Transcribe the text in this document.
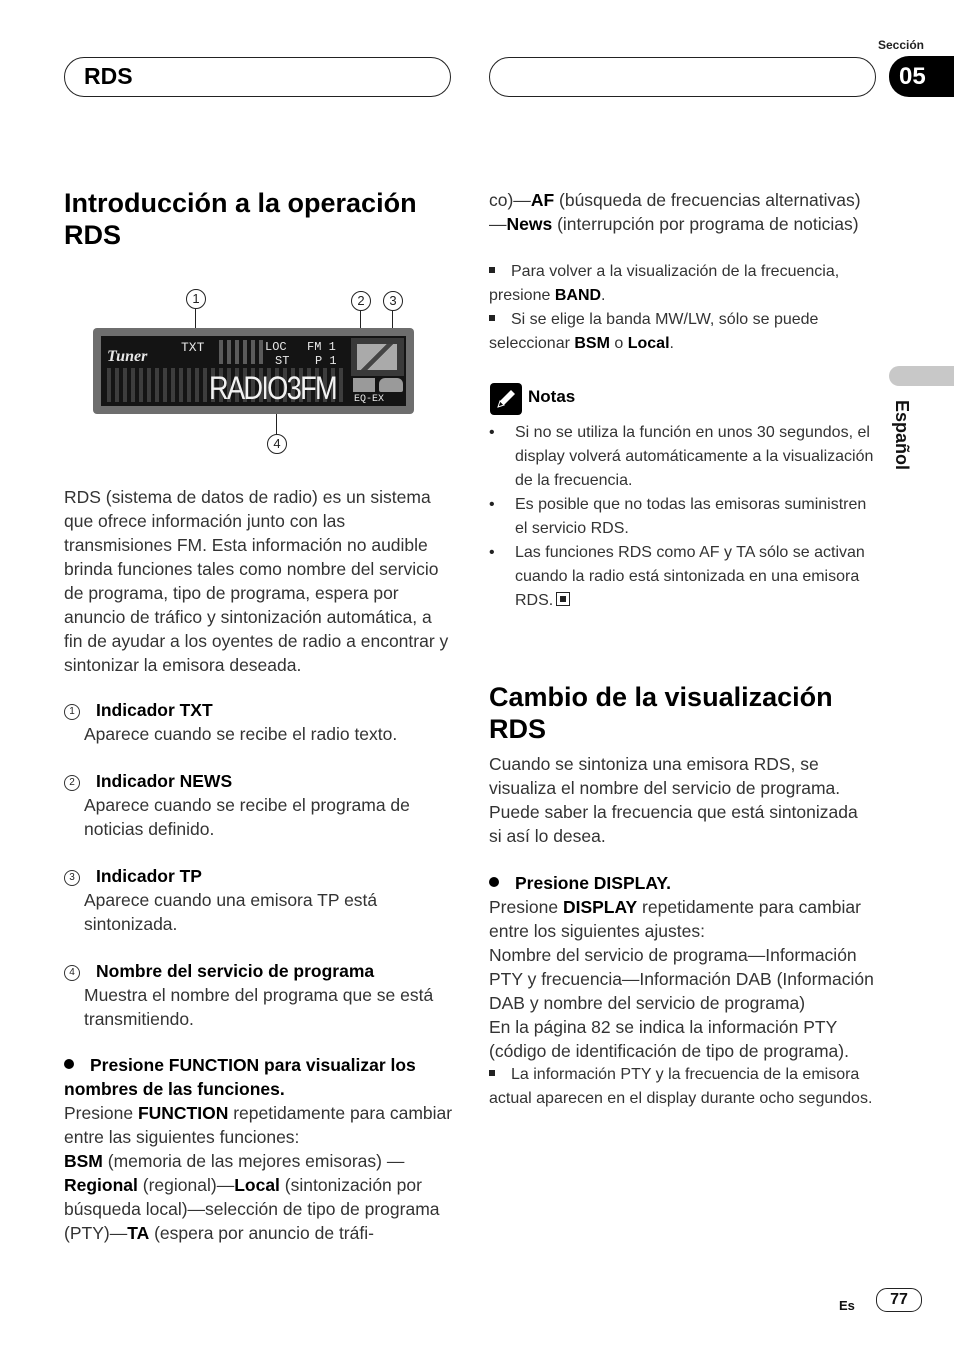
RDS
Sección
05
Español
Introducción a la operación RDS
1	2	3
4
Tuner
TXT	LOC FM 1
ST P 1
RADIO3FM EQ-EX
RDS (sistema de datos de radio) es un sistema que ofrece información junto con las transmisiones FM. Esta información no audible brinda funciones tales como nombre del servicio de programa, tipo de programa, espera por anuncio de tráfico y sintonización automática, a fin de ayudar a los oyentes de radio a encontrar y sintonizar la emisora deseada.
1 Indicador TXT
Aparece cuando se recibe el radio texto.
2 Indicador NEWS
Aparece cuando se recibe el programa de noticias definido.
3 Indicador TP
Aparece cuando una emisora TP está sintonizada.
4 Nombre del servicio de programa
Muestra el nombre del programa que se está transmitiendo.
Presione FUNCTION para visualizar los nombres de las funciones.
Presione FUNCTION repetidamente para cambiar entre las siguientes funciones:
BSM (memoria de las mejores emisoras) —Regional (regional)—Local (sintonización por búsqueda local)—selección de tipo de programa (PTY)—TA (espera por anuncio de tráfi-
co)—AF (búsqueda de frecuencias alternativas)—News (interrupción por programa de noticias)
Para volver a la visualización de la frecuencia, presione BAND.
Si se elige la banda MW/LW, sólo se puede seleccionar BSM o Local.
Notas
• Si no se utiliza la función en unos 30 segundos, el display volverá automáticamente a la visualización de la frecuencia.
• Es posible que no todas las emisoras suministren el servicio RDS.
• Las funciones RDS como AF y TA sólo se activan cuando la radio está sintonizada en una emisora RDS.
Cambio de la visualización RDS
Cuando se sintoniza una emisora RDS, se visualiza el nombre del servicio de programa. Puede saber la frecuencia que está sintonizada si así lo desea.
Presione DISPLAY.
Presione DISPLAY repetidamente para cambiar entre los siguientes ajustes:
Nombre del servicio de programa—Información PTY y frecuencia—Información DAB (Información DAB y nombre del servicio de programa)
En la página 82 se indica la información PTY (código de identificación de tipo de programa).
La información PTY y la frecuencia de la emisora actual aparecen en el display durante ocho segundos.
Es	77
